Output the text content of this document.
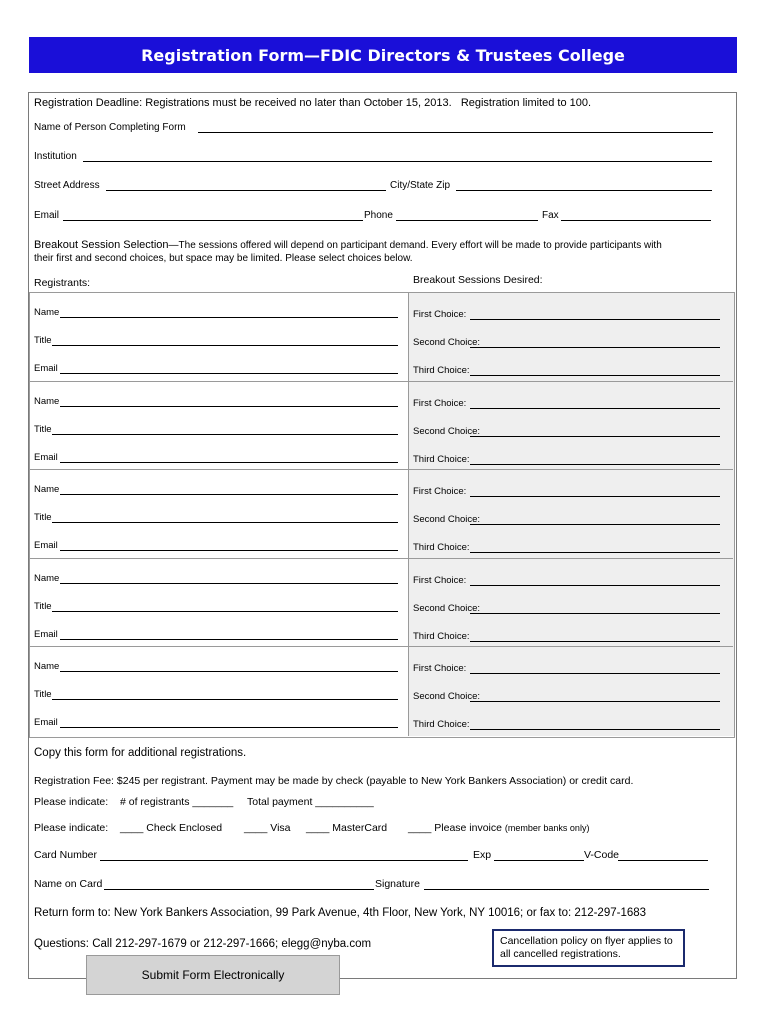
Registration Form—FDIC Directors & Trustees College
Registration Deadline: Registrations must be received no later than October 15, 2013. Registration limited to 100.
Name of Person Completing Form
Institution
Street Address	City/State Zip
Email	Phone	Fax
Breakout Session Selection—The sessions offered will depend on participant demand. Every effort will be made to provide participants with
their first and second choices, but space may be limited. Please select choices below.
Registrants:	Breakout Sessions Desired:
Name	First Choice:
Title	Second Choice:
Email	Third Choice:
Name	First Choice:
Title	Second Choice:
Email	Third Choice:
Name	First Choice:
Title	Second Choice:
Email	Third Choice:
Name	First Choice:
Title	Second Choice:
Email	Third Choice:
Name	First Choice:
Title	Second Choice:
Email	Third Choice:
Copy this form for additional registrations.
Registration Fee: $245 per registrant. Payment may be made by check (payable to New York Bankers Association) or credit card.
Please indicate: # of registrants _______ Total payment __________
Please indicate: ____ Check Enclosed ____ Visa ____ MasterCard ____ Please invoice (member banks only)
Card Number	Exp	V-Code
Name on Card	Signature
Return form to: New York Bankers Association, 99 Park Avenue, 4th Floor, New York, NY 10016; or fax to: 212-297-1683
Questions: Call 212-297-1679 or 212-297-1666; elegg@nyba.com	Cancellation policy on flyer applies to all cancelled registrations.
Submit Form Electronically
